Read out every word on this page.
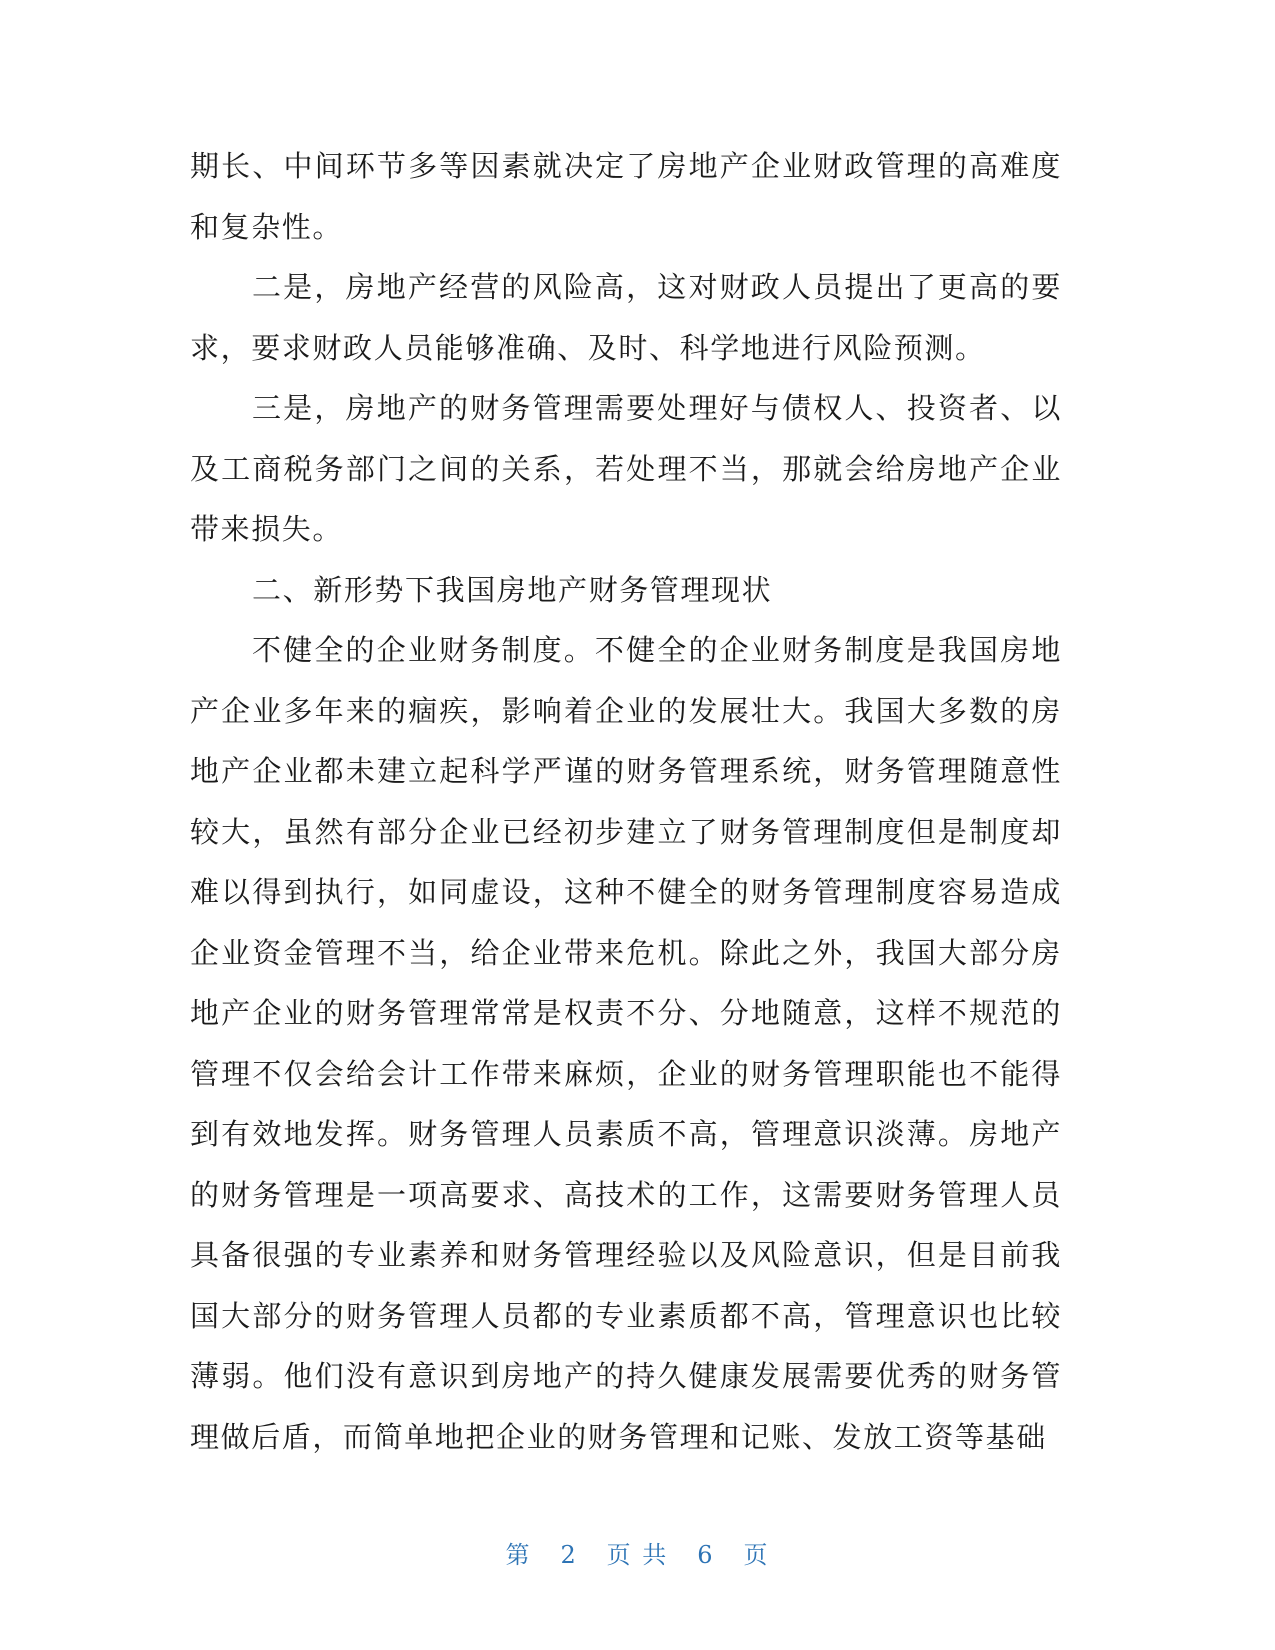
期长、中间环节多等因素就决定了房地产企业财政管理的高难度和复杂性。

二是，房地产经营的风险高，这对财政人员提出了更高的要求，要求财政人员能够准确、及时、科学地进行风险预测。

三是，房地产的财务管理需要处理好与债权人、投资者、以及工商税务部门之间的关系，若处理不当，那就会给房地产企业带来损失。

二、新形势下我国房地产财务管理现状

不健全的企业财务制度。不健全的企业财务制度是我国房地产企业多年来的痼疾，影响着企业的发展壮大。我国大多数的房地产企业都未建立起科学严谨的财务管理系统，财务管理随意性较大，虽然有部分企业已经初步建立了财务管理制度但是制度却难以得到执行，如同虚设，这种不健全的财务管理制度容易造成企业资金管理不当，给企业带来危机。除此之外，我国大部分房地产企业的财务管理常常是权责不分、分地随意，这样不规范的管理不仅会给会计工作带来麻烦，企业的财务管理职能也不能得到有效地发挥。财务管理人员素质不高，管理意识淡薄。房地产的财务管理是一项高要求、高技术的工作，这需要财务管理人员具备很强的专业素养和财务管理经验以及风险意识，但是目前我国大部分的财务管理人员都的专业素质都不高，管理意识也比较薄弱。他们没有意识到房地产的持久健康发展需要优秀的财务管理做后盾，而简单地把企业的财务管理和记账、发放工资等基础

第 2 页 共 6 页
